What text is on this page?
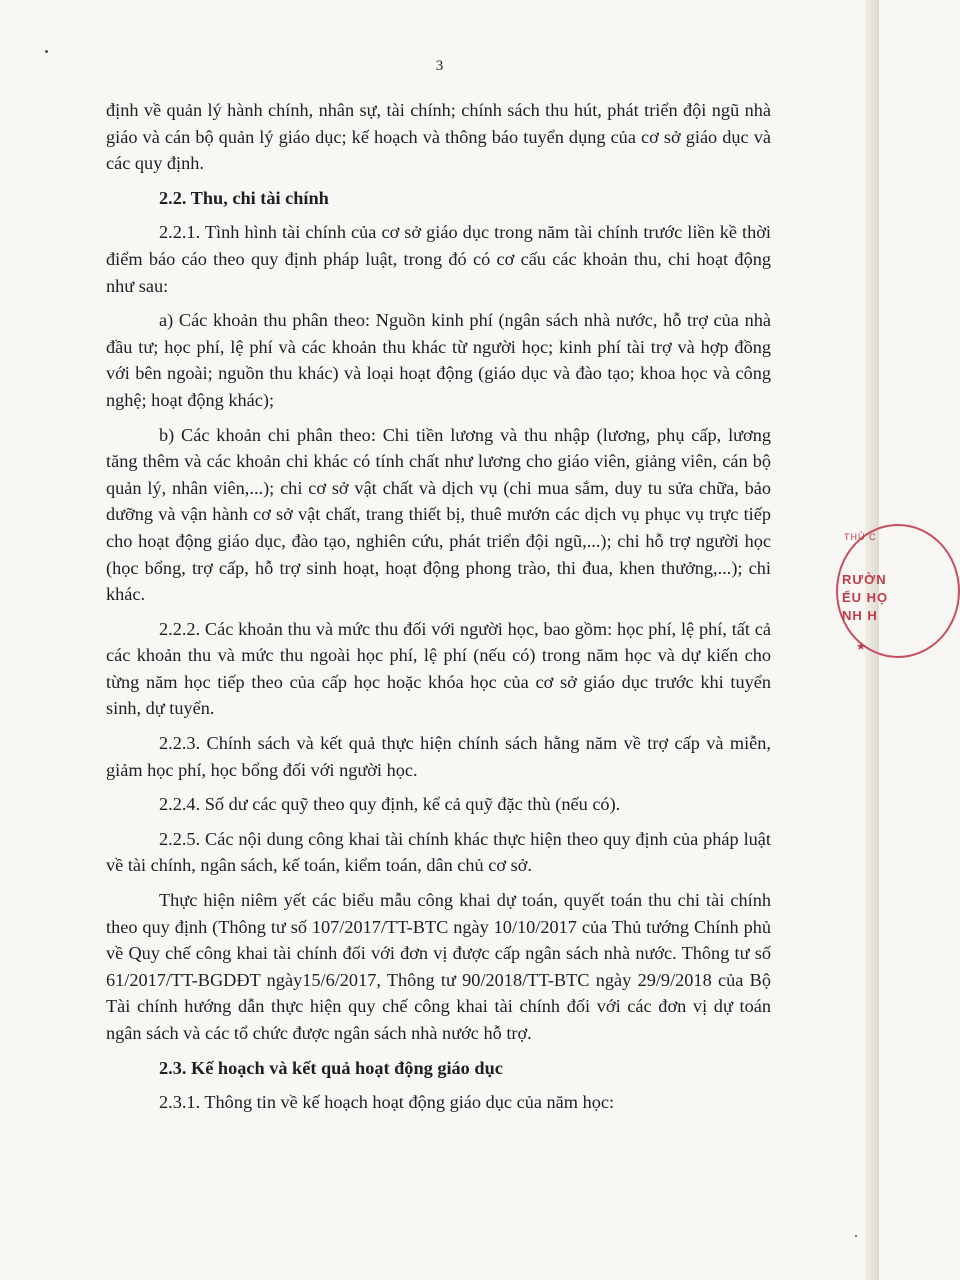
3

định về quản lý hành chính, nhân sự, tài chính; chính sách thu hút, phát triển đội ngũ nhà giáo và cán bộ quản lý giáo dục; kế hoạch và thông báo tuyển dụng của cơ sở giáo dục và các quy định.

2.2. Thu, chi tài chính

2.2.1. Tình hình tài chính của cơ sở giáo dục trong năm tài chính trước liền kề thời điểm báo cáo theo quy định pháp luật, trong đó có cơ cấu các khoản thu, chi hoạt động như sau:

a) Các khoản thu phân theo: Nguồn kinh phí (ngân sách nhà nước, hỗ trợ của nhà đầu tư; học phí, lệ phí và các khoản thu khác từ người học; kinh phí tài trợ và hợp đồng với bên ngoài; nguồn thu khác) và loại hoạt động (giáo dục và đào tạo; khoa học và công nghệ; hoạt động khác);

b) Các khoản chi phân theo: Chi tiền lương và thu nhập (lương, phụ cấp, lương tăng thêm và các khoản chi khác có tính chất như lương cho giáo viên, giảng viên, cán bộ quản lý, nhân viên,...); chi cơ sở vật chất và dịch vụ (chi mua sắm, duy tu sửa chữa, bảo dưỡng và vận hành cơ sở vật chất, trang thiết bị, thuê mướn các dịch vụ phục vụ trực tiếp cho hoạt động giáo dục, đào tạo, nghiên cứu, phát triển đội ngũ,...); chi hỗ trợ người học (học bổng, trợ cấp, hỗ trợ sinh hoạt, hoạt động phong trào, thi đua, khen thưởng,...); chi khác.

2.2.2. Các khoản thu và mức thu đối với người học, bao gồm: học phí, lệ phí, tất cả các khoản thu và mức thu ngoài học phí, lệ phí (nếu có) trong năm học và dự kiến cho từng năm học tiếp theo của cấp học hoặc khóa học của cơ sở giáo dục trước khi tuyển sinh, dự tuyển.

2.2.3. Chính sách và kết quả thực hiện chính sách hằng năm về trợ cấp và miễn, giảm học phí, học bổng đối với người học.

2.2.4. Số dư các quỹ theo quy định, kể cả quỹ đặc thù (nếu có).

2.2.5. Các nội dung công khai tài chính khác thực hiện theo quy định của pháp luật về tài chính, ngân sách, kế toán, kiểm toán, dân chủ cơ sở.

Thực hiện niêm yết các biểu mẫu công khai dự toán, quyết toán thu chi tài chính theo quy định (Thông tư số 107/2017/TT-BTC ngày 10/10/2017 của Thủ tướng Chính phủ về Quy chế công khai tài chính đối với đơn vị được cấp ngân sách nhà nước. Thông tư số 61/2017/TT-BGDĐT ngày15/6/2017, Thông tư 90/2018/TT-BTC ngày 29/9/2018 của Bộ Tài chính hướng dẫn thực hiện quy chế công khai tài chính đối với các đơn vị dự toán ngân sách và các tổ chức được ngân sách nhà nước hỗ trợ.

2.3. Kế hoạch và kết quả hoạt động giáo dục

2.3.1. Thông tin về kế hoạch hoạt động giáo dục của năm học:

THỦ C
RƯỜN
ẾU HỌ
NH H
★
